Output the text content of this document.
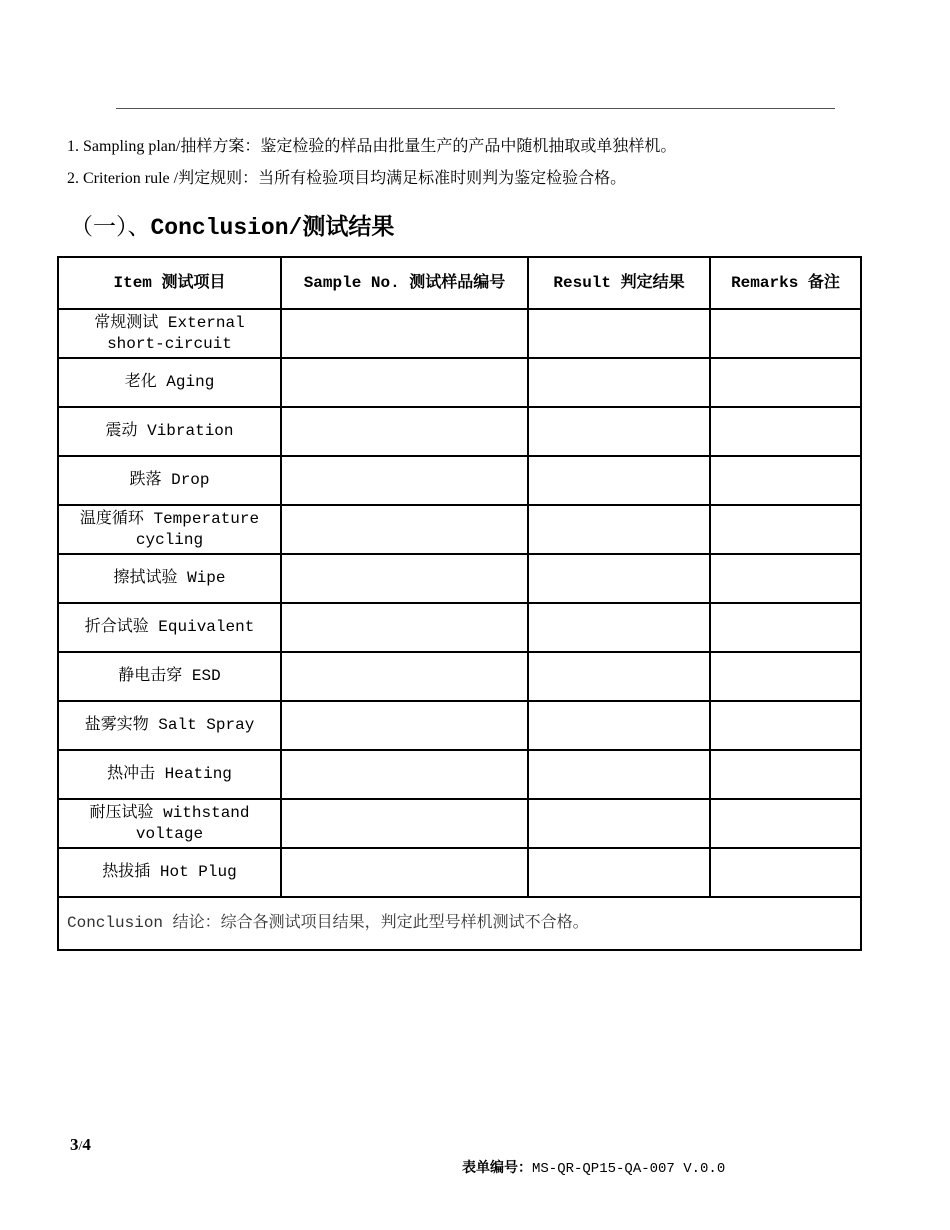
1. Sampling plan/抽样方案：鉴定检验的样品由批量生产的产品中随机抽取或单独样机。
2. Criterion rule /判定规则：当所有检验项目均满足标准时则判为鉴定检验合格。
（一）、Conclusion/测试结果
Item 测试项目	Sample No. 测试样品编号	Result 判定结果	Remarks 备注
常规测试 External short-circuit			
老化 Aging			
震动 Vibration			
跌落 Drop			
温度循环 Temperature cycling			
擦拭试验 Wipe			
折合试验 Equivalent			
静电击穿 ESD			
盐雾实物 Salt Spray			
热冲击 Heating			
耐压试验 withstand voltage			
热拔插 Hot Plug			
Conclusion 结论：综合各测试项目结果，判定此型号样机测试不合格。			
3/4
表单编号：MS-QR-QP15-QA-007 V.0.0
